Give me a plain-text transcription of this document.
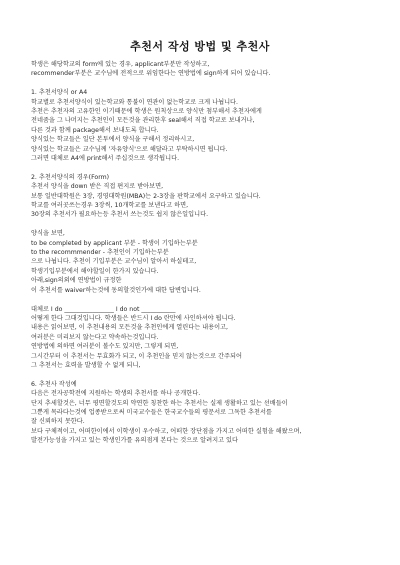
추천서 작성 방법 및 추천사
학생은 해당학교의 form에 있는 경우, applicant부분만 작성하고,
recommender부분은 교수님에 전적으로 위임한다는 연방법에 sign하게 되어 있습니다.
1. 추천서양식 or A4
학교별로 추천서양식이 있는학교와 통불이 연관이 없는학교로 크게 나뉩니다.
추천은 추천자의 고유한인 이기때문에 학생은 원칙상으로 양식만 첨부해서 추천자에게
전네줌을 그 나머지는 추천인이 모든것을 관리한후 seal해서 직접 학교로 보내거나,
다른 것과 함께 package해서 보내도록 합니다.
양식있는 학교들은 일단 본투에서 양식을 구해서 정리하시고,
양식있는 학교들은 교수님께 '자유양식'으로 해달라고 부탁하시면 됩니다.
그러면 대체로 A4에 print해서 주십것으로 생각됩니다.
2. 추천서양식의 경우(Form)
추천서 양식을 down 받은 직접 편지로 받아보면,
보통 일반대학원은 3장, 경영대학원(MBA)는 2-3장을 판학교에서 요구하고 있습니다.
학교를 여러곳쓰는경우 3장씩, 10개학교를 보낸다고 하면,
30장의 추천서가 필요하는등 추천서 쓰는것도 쉽지 않은일입니다.
양식을 보면,
to be completed by applicant 부분 - 학생이 기입하는부분
to the recommmender - 추천인이 기입하는부분
으로 나뉩니다. 추천이 기입부분은 교수님이 알아서 하실테고,
학생기입부분에서 해야할일이 한가지 있습니다.
아래,sign의외에 연방법이 규정한
이 추천서를 waiver하는것에 동의할것인가에 대한 답변입니다.
대체로 I do ________________ I do not ___________
어떻게 한다 그대것입니다. 학생들은 반드시 I do 란만에 사인하셔야 됩니다.
내용은 읽어보면, 이 추천내용의 모든것을 추천인에게 열린다는 내용이고,
여러분은 미리보지 않는다고 약속하는것입니다.
연방법에 의하면 여러분이 볼수도 있지만, 그렇게 되면,
그시간부터 이 추천서는 무효화가 되고, 이 추천인을 믿지 않는것으로 간주되어
그 추천서는 효력을 발생할 수 없게 되니,
6. 추천사 작성예
다음은 전자공학전에 지원하는 학생의 추천서를 하나 공개한다.
단지 추세할것은, 너무 평면할것도의 약연한 칭찬한 하는 추천서는 실제 생활하고 있는 선배들이
그뿐게 목라다는것에 업종받으로써 미국교수들은 한국교수들의 평문서로 그독한 추천서를
잘 신뢰하지 못한다.
보다 구체적이고, 어떠한이에서 이학생이 우수하고, 어떠한 장단점을 가지고 어떠한 실험을 해왔으며,
발전가능성을 가지고 있는 학생인가를 유의점게 본다는 것으로 알려지고 있다
